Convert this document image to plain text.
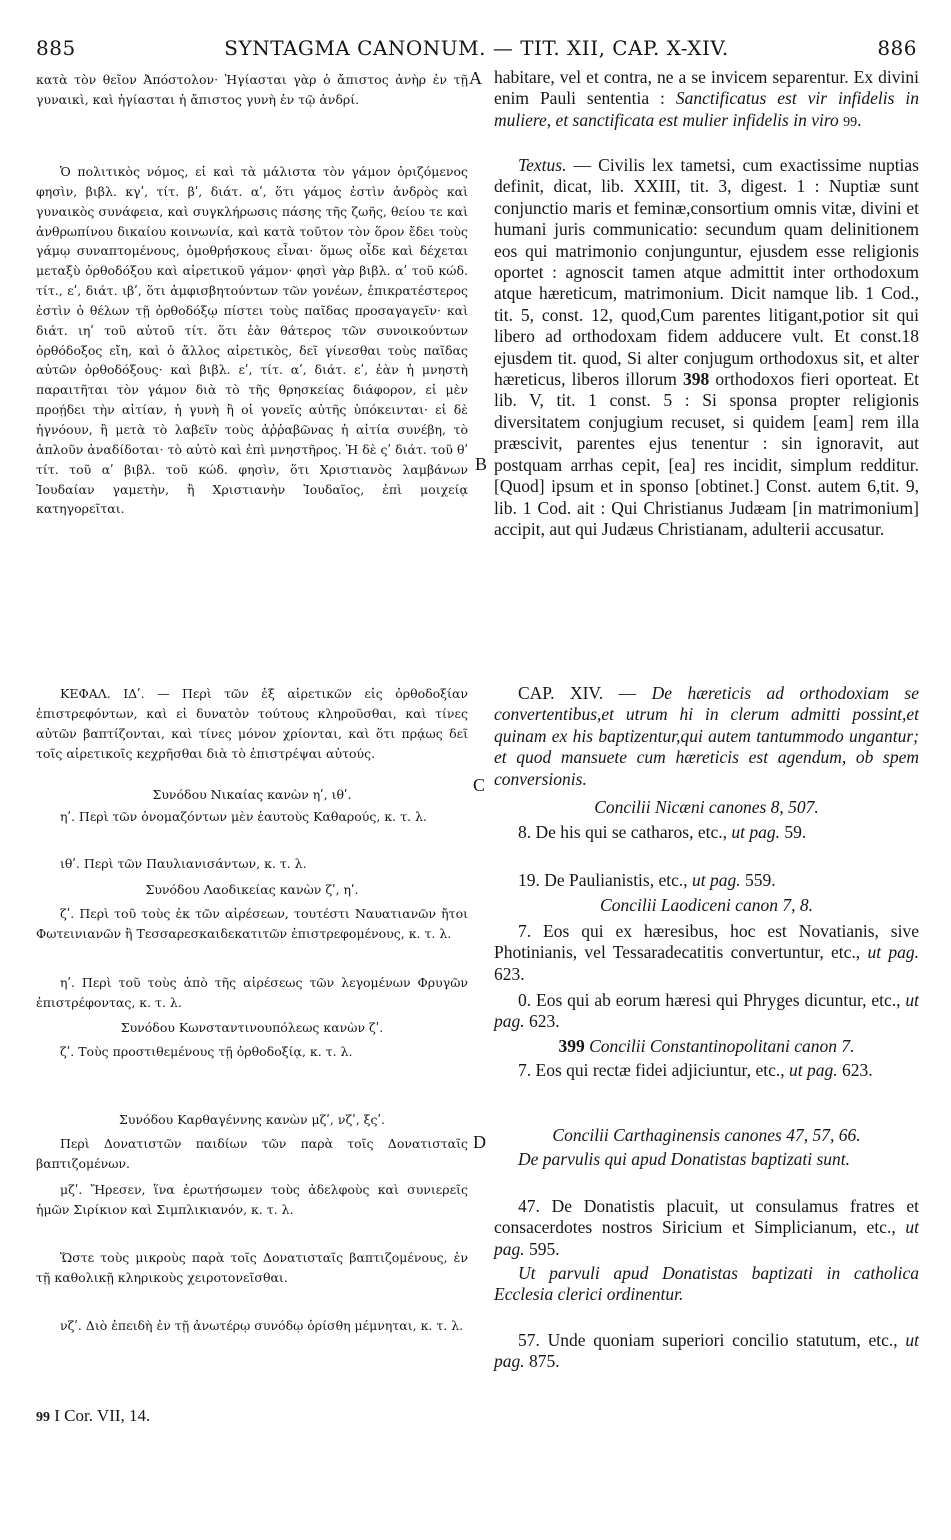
885	SYNTAGMA CANONUM. — TIT. XII, CAP. X-XIV.	886
A
B
C
D

κατὰ τὸν θεῖον Ἀπόστολον· Ἡγίασται γὰρ ὁ ἄπιστος ἀνὴρ ἐν τῇ γυναικὶ, καὶ ἡγίασται ἡ ἄπιστος γυνὴ ἐν τῷ ἀνδρί.

Ὁ πολιτικὸς νόμος, εἰ καὶ τὰ μάλιστα τὸν γάμον ὁριζόμενος φησὶν, βιβλ. κγʹ, τίτ. βʹ, διάτ. αʹ, ὅτι γάμος ἐστὶν ἀνδρὸς καὶ γυναικὸς συνάφεια, καὶ συγκλήρωσις πάσης τῆς ζωῆς, θείου τε καὶ ἀνθρωπίνου δικαίου κοινωνία, καὶ κατὰ τοῦτον τὸν ὅρον ἔδει τοὺς γάμῳ συναπτομένους, ὁμοθρήσκους εἶναι· ὅμως οἶδε καὶ δέχεται μεταξὺ ὀρθοδόξου καὶ αἱρετικοῦ γάμον· φησὶ γὰρ βιβλ. αʹ τοῦ κώδ. τίτ., εʹ, διάτ. ιβʹ, ὅτι ἀμφισβητούντων τῶν γονέων, ἐπικρατέστερος ἐστὶν ὁ θέλων τῇ ὀρθοδόξῳ πίστει τοὺς παῖδας προσαγαγεῖν· καὶ διάτ. ιηʹ τοῦ αὐτοῦ τίτ. ὅτι ἐὰν θάτερος τῶν συνοικούντων ὀρθόδοξος εἴη, καὶ ὁ ἄλλος αἱρετικὸς, δεῖ γίνεσθαι τοὺς παῖδας αὐτῶν ὀρθοδόξους· καὶ βιβλ. εʹ, τίτ. αʹ, διάτ. εʹ, ἐὰν ἡ μνηστὴ παραιτῆται τὸν γάμον διὰ τὸ τῆς θρησκείας διάφορον, εἰ μὲν προῄδει τὴν αἰτίαν, ἡ γυνὴ ἢ οἱ γονεῖς αὐτῆς ὑπόκεινται· εἰ δὲ ἠγνόουν, ἢ μετὰ τὸ λαβεῖν τοὺς ἀῤῥαβῶνας ἡ αἰτία συνέβη, τὸ ἁπλοῦν ἀναδίδοται· τὸ αὐτὸ καὶ ἐπὶ μνηστῆρος. Ἡ δὲ ςʹ διάτ. τοῦ θʹ τίτ. τοῦ αʹ βιβλ. τοῦ κώδ. φησὶν, ὅτι Χριστιανὸς λαμβάνων Ἰουδαίαν γαμετὴν, ἢ Χριστιανὴν Ἰουδαῖος, ἐπὶ μοιχείᾳ κατηγορεῖται.

ΚΕΦΑΛ. ΙΔʹ. — Περὶ τῶν ἐξ αἱρετικῶν εἰς ὀρθοδοξίαν ἐπιστρεφόντων, καὶ εἰ δυνατὸν τούτους κληροῦσθαι, καὶ τίνες αὐτῶν βαπτίζονται, καὶ τίνες μόνον χρίονται, καὶ ὅτι πρᾴως δεῖ τοῖς αἱρετικοῖς κεχρῆσθαι διὰ τὸ ἐπιστρέψαι αὐτούς.

Συνόδου Νικαίας κανὼν ηʹ, ιθʹ.

ηʹ. Περὶ τῶν ὀνομαζόντων μὲν ἑαυτοὺς Καθαρούς, κ. τ. λ.

ιθʹ. Περὶ τῶν Παυλιανισάντων, κ. τ. λ.

Συνόδου Λαοδικείας κανὼν ζʹ, ηʹ.

ζʹ. Περὶ τοῦ τοὺς ἐκ τῶν αἱρέσεων, τουτέστι Ναυατιανῶν ἤτοι Φωτεινιανῶν ἢ Τεσσαρεσκαιδεκατιτῶν ἐπιστρεφομένους, κ. τ. λ.

ηʹ. Περὶ τοῦ τοὺς ἀπὸ τῆς αἱρέσεως τῶν λεγομένων Φρυγῶν ἐπιστρέφοντας, κ. τ. λ.

Συνόδου Κωνσταντινουπόλεως κανὼν ζʹ.

ζʹ. Τοὺς προστιθεμένους τῇ ὀρθοδοξίᾳ, κ. τ. λ.

Συνόδου Καρθαγέννης κανὼν μζʹ, νζʹ, ξςʹ.

Περὶ Δονατιστῶν παιδίων τῶν παρὰ τοῖς Δονατισταῖς βαπτιζομένων.

μζʹ. Ἤρεσεν, ἵνα ἐρωτήσωμεν τοὺς ἀδελφοὺς καὶ συνιερεῖς ἡμῶν Σιρίκιον καὶ Σιμπλικιανόν, κ. τ. λ.

Ὥστε τοὺς μικροὺς παρὰ τοῖς Δονατισταῖς βαπτιζομένους, ἐν τῇ καθολικῇ κληρικοὺς χειροτονεῖσθαι.

νζʹ. Διὸ ἐπειδὴ ἐν τῇ ἀνωτέρῳ συνόδῳ ὁρίσθη μέμνηται, κ. τ. λ.

habitare, vel et contra, ne a se invicem separentur. Ex divini enim Pauli sententia : Sanctificatus est vir infidelis in muliere, et sanctificata est mulier infidelis in viro 99.

Textus. — Civilis lex tametsi, cum exactissime nuptias definit, dicat, lib. XXIII, tit. 3, digest. 1 : Nuptiæ sunt conjunctio maris et feminæ,consortium omnis vitæ, divini et humani juris communicatio: secundum quam delinitionem eos qui matrimonio conjunguntur, ejusdem esse religionis oportet : agnoscit tamen atque admittit inter orthodoxum atque hæreticum, matrimonium. Dicit namque lib. 1 Cod., tit. 5, const. 12, quod,Cum parentes litigant,potior sit qui libero ad orthodoxam fidem adducere vult. Et const.18 ejusdem tit. quod, Si alter conjugum orthodoxus sit, et alter hæreticus, liberos illorum 398 orthodoxos fieri oporteat. Et lib. V, tit. 1 const. 5 : Si sponsa propter religionis diversitatem conjugium recuset, si quidem [eam] rem illa præscivit, parentes ejus tenentur : sin ignoravit, aut postquam arrhas cepit, [ea] res incidit, simplum redditur. [Quod] ipsum et in sponso [obtinet.] Const. autem 6,tit. 9, lib. 1 Cod. ait : Qui Christianus Judæam [in matrimonium] accipit, aut qui Judæus Christianam, adulterii accusatur.

CAP. XIV. — De hæreticis ad orthodoxiam se convertentibus,et utrum hi in clerum admitti possint,et quinam ex his baptizentur,qui autem tantummodo ungantur; et quod mansuete cum hæreticis est agendum, ob spem conversionis.

Concilii Nicæni canones 8, 507.

8. De his qui se catharos, etc., ut pag. 59.

19. De Paulianistis, etc., ut pag. 559.

Concilii Laodiceni canon 7, 8.

7. Eos qui ex hæresibus, hoc est Novatianis, sive Photinianis, vel Tessaradecatitis convertuntur, etc., ut pag. 623.

0. Eos qui ab eorum hæresi qui Phryges dicuntur, etc., ut pag. 623.

399 Concilii Constantinopolitani canon 7.

7. Eos qui rectæ fidei adjiciuntur, etc., ut pag. 623.

Concilii Carthaginensis canones 47, 57, 66.

De parvulis qui apud Donatistas baptizati sunt.

47. De Donatistis placuit, ut consulamus fratres et consacerdotes nostros Siricium et Simplicianum, etc., ut pag. 595.

Ut parvuli apud Donatistas baptizati in catholica Ecclesia clerici ordinentur.

57. Unde quoniam superiori concilio statutum, etc., ut pag. 875.

99 I Cor. VII, 14.
